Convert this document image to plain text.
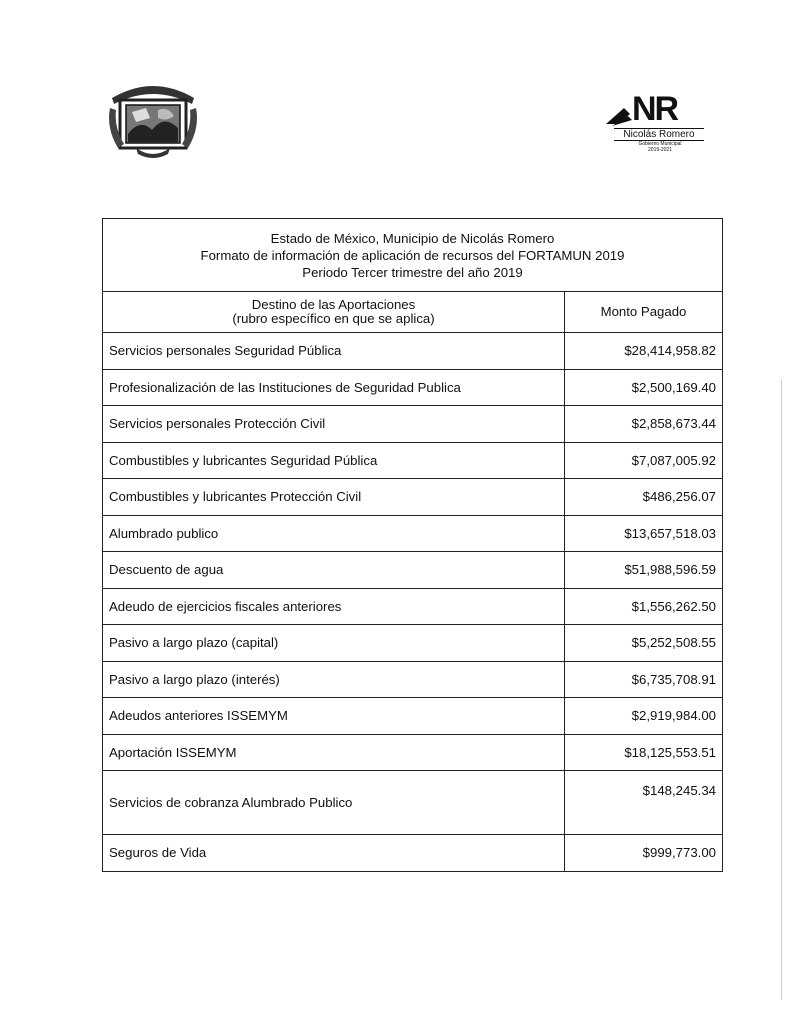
NR
Nicolás Romero
Gobierno Municipal
2019-2021
Estado de México, Municipio de Nicolás Romero
Formato de información de aplicación de recursos del FORTAMUN 2019
Periodo Tercer trimestre del año 2019	

Destino de las Aportaciones
(rubro específico en que se aplica)	Monto Pagado
Servicios personales Seguridad Pública	$28,414,958.82
Profesionalización de las Instituciones de Seguridad Publica	$2,500,169.40
Servicios personales Protección Civil	$2,858,673.44
Combustibles y lubricantes Seguridad Pública	$7,087,005.92
Combustibles y lubricantes Protección Civil	$486,256.07
Alumbrado publico	$13,657,518.03
Descuento de agua	$51,988,596.59
Adeudo de ejercicios fiscales anteriores	$1,556,262.50
Pasivo a largo plazo (capital)	$5,252,508.55
Pasivo a largo plazo (interés)	$6,735,708.91
Adeudos anteriores ISSEMYM	$2,919,984.00
Aportación ISSEMYM	$18,125,553.51
Servicios de cobranza Alumbrado Publico	$148,245.34
Seguros de Vida	$999,773.00
